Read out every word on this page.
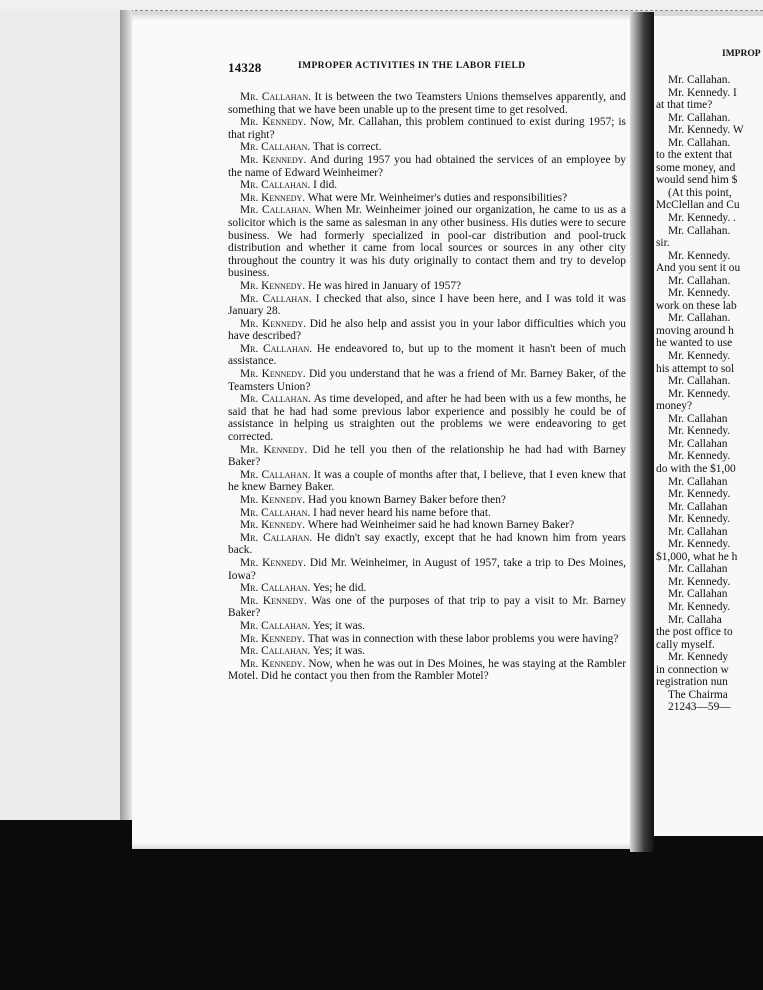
14328	IMPROPER ACTIVITIES IN THE LABOR FIELD

Mr. Callahan. It is between the two Teamsters Unions themselves apparently, and something that we have been unable up to the present time to get resolved.

Mr. Kennedy. Now, Mr. Callahan, this problem continued to exist during 1957; is that right?

Mr. Callahan. That is correct.

Mr. Kennedy. And during 1957 you had obtained the services of an employee by the name of Edward Weinheimer?

Mr. Callahan. I did.

Mr. Kennedy. What were Mr. Weinheimer's duties and responsibilities?

Mr. Callahan. When Mr. Weinheimer joined our organization, he came to us as a solicitor which is the same as salesman in any other business. His duties were to secure business. We had formerly specialized in pool-car distribution and pool-truck distribution and whether it came from local sources or sources in any other city throughout the country it was his duty originally to contact them and try to develop business.

Mr. Kennedy. He was hired in January of 1957?

Mr. Callahan. I checked that also, since I have been here, and I was told it was January 28.

Mr. Kennedy. Did he also help and assist you in your labor difficulties which you have described?

Mr. Callahan. He endeavored to, but up to the moment it hasn't been of much assistance.

Mr. Kennedy. Did you understand that he was a friend of Mr. Barney Baker, of the Teamsters Union?

Mr. Callahan. As time developed, and after he had been with us a few months, he said that he had had some previous labor experience and possibly he could be of assistance in helping us straighten out the problems we were endeavoring to get corrected.

Mr. Kennedy. Did he tell you then of the relationship he had had with Barney Baker?

Mr. Callahan. It was a couple of months after that, I believe, that I even knew that he knew Barney Baker.

Mr. Kennedy. Had you known Barney Baker before then?

Mr. Callahan. I had never heard his name before that.

Mr. Kennedy. Where had Weinheimer said he had known Barney Baker?

Mr. Callahan. He didn't say exactly, except that he had known him from years back.

Mr. Kennedy. Did Mr. Weinheimer, in August of 1957, take a trip to Des Moines, Iowa?

Mr. Callahan. Yes; he did.

Mr. Kennedy. Was one of the purposes of that trip to pay a visit to Mr. Barney Baker?

Mr. Callahan. Yes; it was.

Mr. Kennedy. That was in connection with these labor problems you were having?

Mr. Callahan. Yes; it was.

Mr. Kennedy. Now, when he was out in Des Moines, he was staying at the Rambler Motel. Did he contact you then from the Rambler Motel?

IMPROP
Mr. Callahan.
Mr. Kennedy. I
at that time?
Mr. Callahan.
Mr. Kennedy. W
Mr. Callahan.
to the extent that
some money, and
would send him $
(At this point,
McClellan and Cu
Mr. Kennedy. .
Mr. Callahan.
sir.
Mr. Kennedy.
And you sent it ou
Mr. Callahan.
Mr. Kennedy.
work on these lab
Mr. Callahan.
moving around h
he wanted to use
Mr. Kennedy.
his attempt to sol
Mr. Callahan.
Mr. Kennedy.
money?
Mr. Callahan
Mr. Kennedy.
Mr. Callahan
Mr. Kennedy.
do with the $1,00
Mr. Callahan
Mr. Kennedy.
Mr. Callahan
Mr. Kennedy.
Mr. Callahan
Mr. Kennedy.
$1,000, what he h
Mr. Callahan
Mr. Kennedy.
Mr. Callahan
Mr. Kennedy.
Mr. Callaha
the post office to
cally myself.
Mr. Kennedy
in connection w
registration nun
The Chairma
21243—59—
